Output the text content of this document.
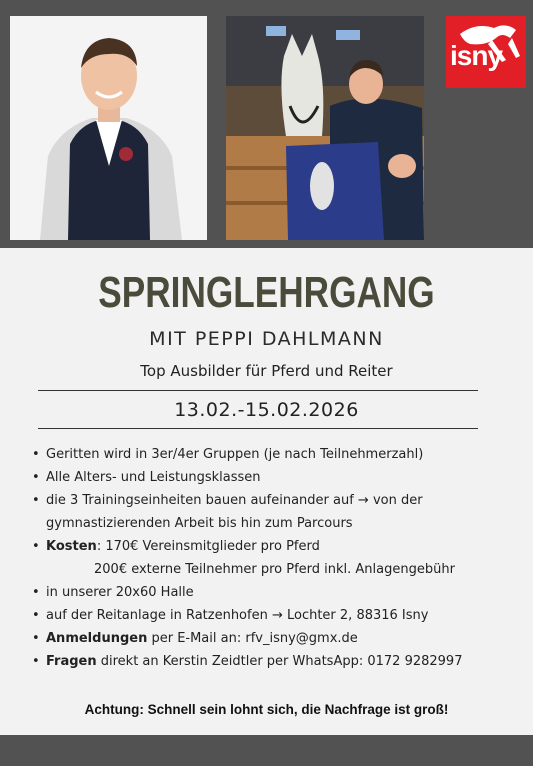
isny
SPRINGLEHRGANG
MIT PEPPI DAHLMANN
Top Ausbilder für Pferd und Reiter
13.02.-15.02.2026
• Geritten wird in 3er/4er Gruppen (je nach Teilnehmerzahl)
• Alle Alters- und Leistungsklassen
• die 3 Trainingseinheiten bauen aufeinander auf → von der
gymnastizierenden Arbeit bis hin zum Parcours
• Kosten: 170€ Vereinsmitglieder pro Pferd
200€ externe Teilnehmer pro Pferd inkl. Anlagengebühr
• in unserer 20x60 Halle
• auf der Reitanlage in Ratzenhofen → Lochter 2, 88316 Isny
• Anmeldungen per E-Mail an: rfv_isny@gmx.de
• Fragen direkt an Kerstin Zeidtler per WhatsApp: 0172 9282997
Achtung: Schnell sein lohnt sich, die Nachfrage ist groß!
